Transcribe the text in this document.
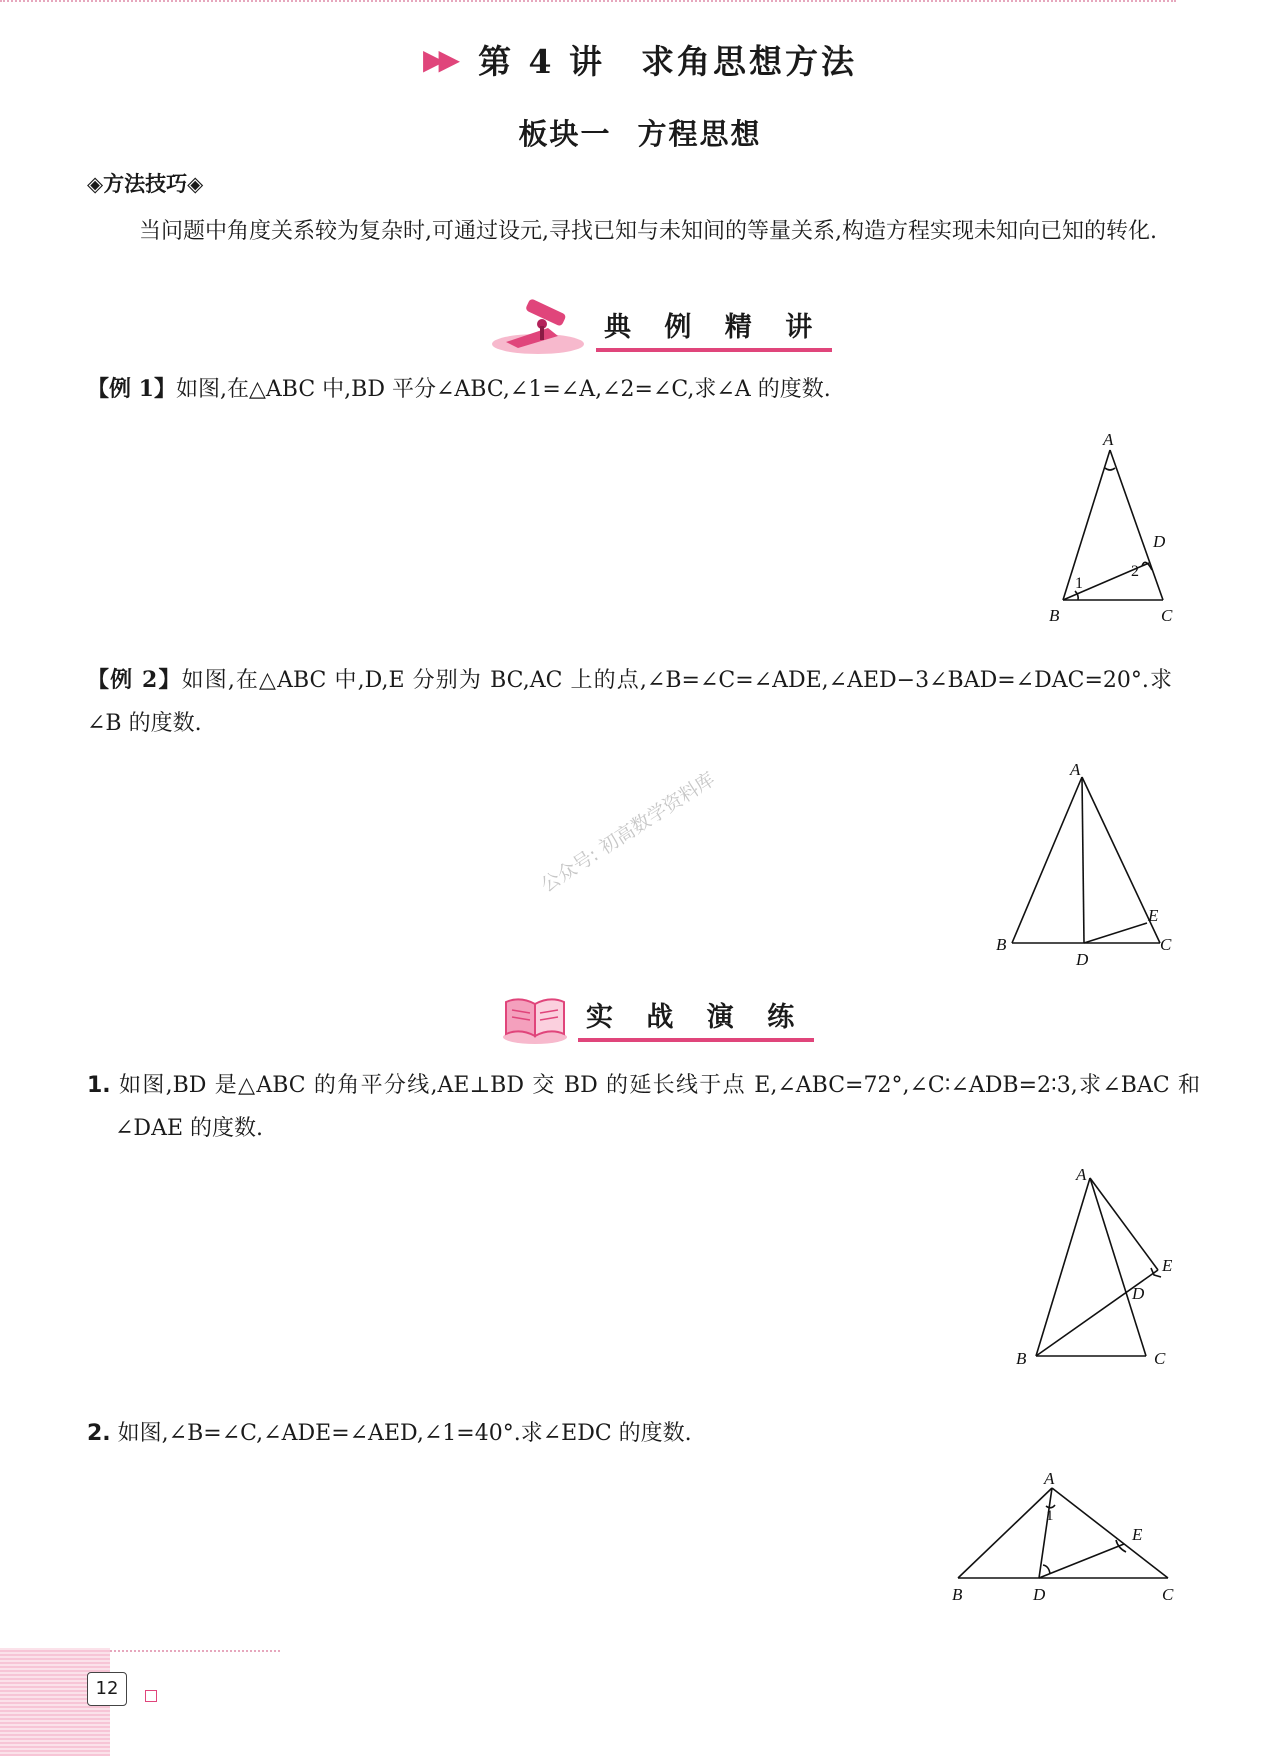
▶▶ 第 4 讲 求角思想方法
板块一 方程思想
◈方法技巧◈
当问题中角度关系较为复杂时,可通过设元,寻找已知与未知间的等量关系,构造方程实现未知向已知的转化.
典 例 精 讲
【例 1】如图,在△ABC 中,BD 平分∠ABC,∠1=∠A,∠2=∠C,求∠A 的度数.
A
B	C
D
1
2
【例 2】如图,在△ABC 中,D,E 分别为 BC,AC 上的点,∠B=∠C=∠ADE,∠AED−3∠BAD=∠DAC=20°.求∠B 的度数.
A
B	C
D
E
公众号: 初高数学资料库
实 战 演 练
1. 如图,BD 是△ABC 的角平分线,AE⊥BD 交 BD 的延长线于点 E,∠ABC=72°,∠C∶∠ADB=2∶3,求∠BAC 和∠DAE 的度数.
A
B	C
D
E
2. 如图,∠B=∠C,∠ADE=∠AED,∠1=40°.求∠EDC 的度数.
A
B	C
D
E
1
12
